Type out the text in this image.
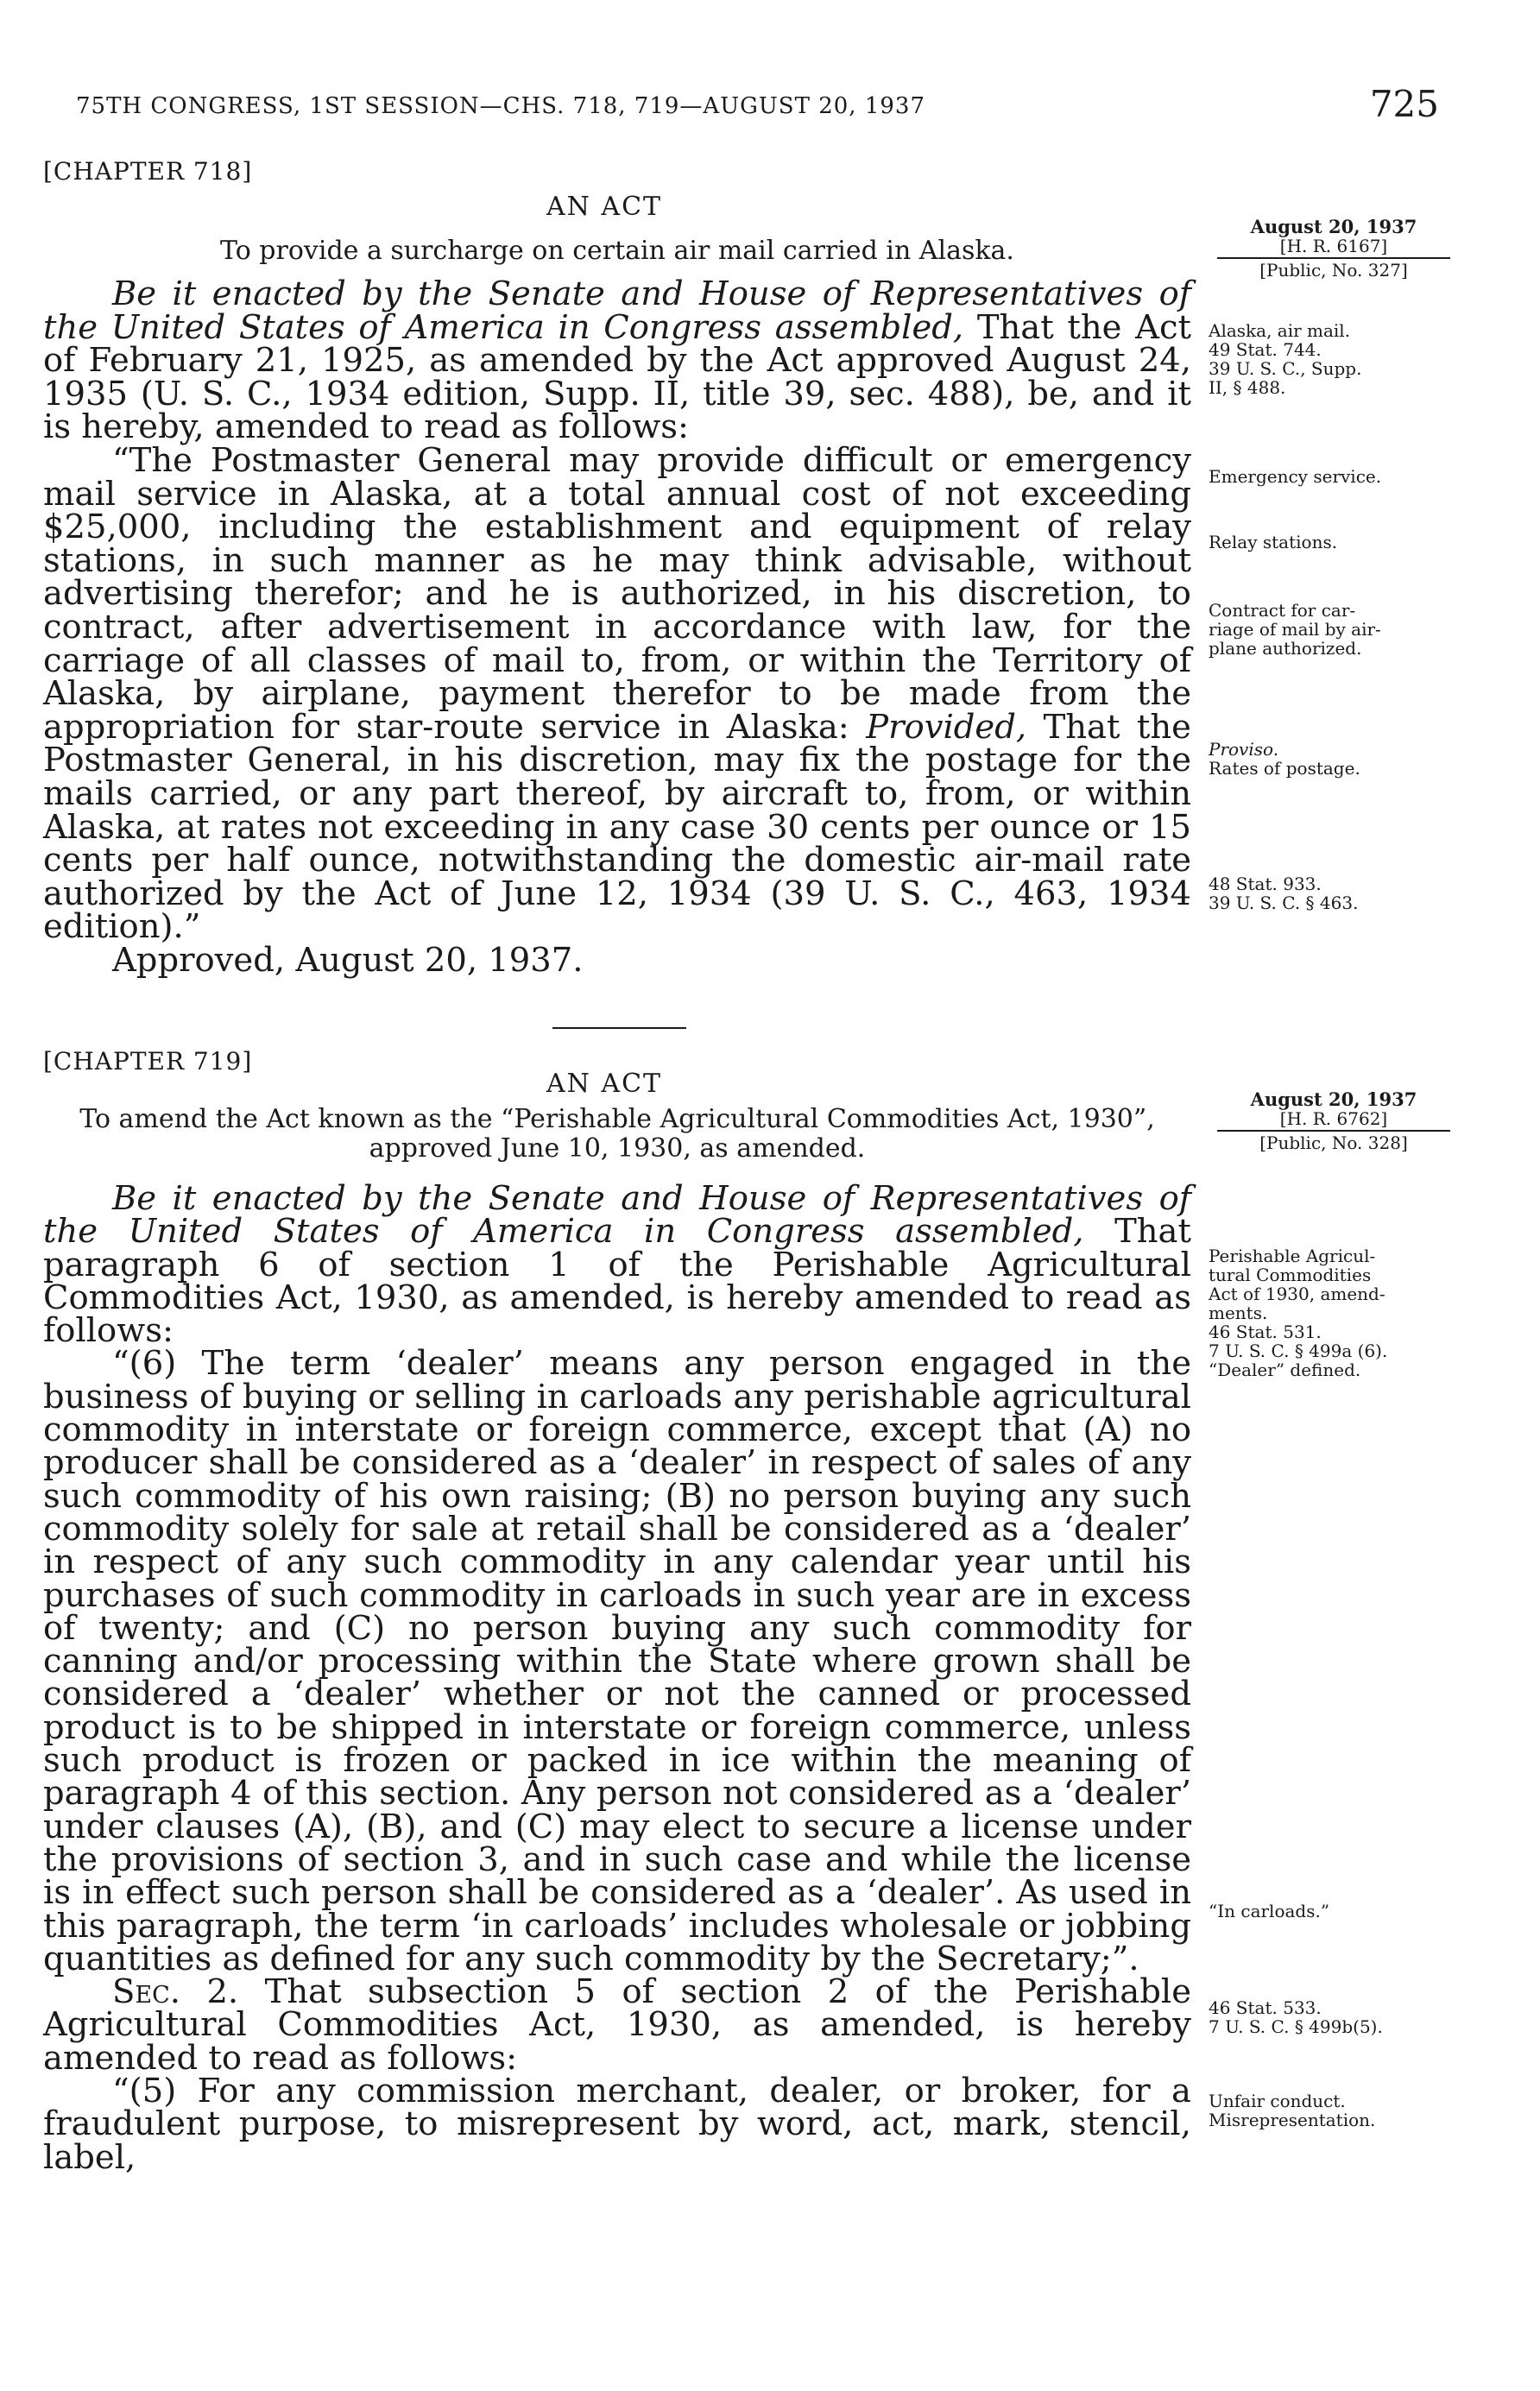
75TH CONGRESS, 1ST SESSION—CHS. 718, 719—AUGUST 20, 1937	725
[CHAPTER 718]
AN ACT
To provide a surcharge on certain air mail carried in Alaska.
August 20, 1937
[H. R. 6167]
[Public, No. 327]

Be it enacted by the Senate and House of Representatives of the United States of America in Congress assembled, That the Act of February 21, 1925, as amended by the Act approved August 24, 1935 (U. S. C., 1934 edition, Supp. II, title 39, sec. 488), be, and it is hereby, amended to read as follows:

“The Postmaster General may provide difficult or emergency mail service in Alaska, at a total annual cost of not exceeding $25,000, including the establishment and equipment of relay stations, in such manner as he may think advisable, without advertising therefor; and he is authorized, in his discretion, to contract, after advertisement in accordance with law, for the carriage of all classes of mail to, from, or within the Territory of Alaska, by airplane, payment therefor to be made from the appropriation for star-route service in Alaska: Provided, That the Postmaster General, in his discretion, may fix the postage for the mails carried, or any part thereof, by aircraft to, from, or within Alaska, at rates not exceeding in any case 30 cents per ounce or 15 cents per half ounce, notwithstanding the domestic air-mail rate authorized by the Act of June 12, 1934 (39 U. S. C., 463, 1934 edition).”

Approved, August 20, 1937.

Alaska, air mail.
49 Stat. 744.
39 U. S. C., Supp.
II, § 488.
Emergency service.
Relay stations.
Contract for car-
riage of mail by air-
plane authorized.
Proviso.
Rates of postage.
48 Stat. 933.
39 U. S. C. § 463.
[CHAPTER 719]
AN ACT
To amend the Act known as the “Perishable Agricultural Commodities Act, 1930”,
approved June 10, 1930, as amended.
August 20, 1937
[H. R. 6762]
[Public, No. 328]

Be it enacted by the Senate and House of Representatives of the United States of America in Congress assembled, That paragraph 6 of section 1 of the Perishable Agricultural Commodities Act, 1930, as amended, is hereby amended to read as follows:

“(6) The term ‘dealer’ means any person engaged in the business of buying or selling in carloads any perishable agricultural commodity in interstate or foreign commerce, except that (A) no producer shall be considered as a ‘dealer’ in respect of sales of any such commodity of his own raising; (B) no person buying any such commodity solely for sale at retail shall be considered as a ‘dealer’ in respect of any such commodity in any calendar year until his purchases of such commodity in carloads in such year are in excess of twenty; and (C) no person buying any such commodity for canning and/or processing within the State where grown shall be considered a ‘dealer’ whether or not the canned or processed product is to be shipped in interstate or foreign commerce, unless such product is frozen or packed in ice within the meaning of paragraph 4 of this section. Any person not considered as a ‘dealer’ under clauses (A), (B), and (C) may elect to secure a license under the provisions of section 3, and in such case and while the license is in effect such person shall be considered as a ‘dealer’. As used in this paragraph, the term ‘in carloads’ includes wholesale or jobbing quantities as defined for any such commodity by the Secretary;”.

Sec. 2. That subsection 5 of section 2 of the Perishable Agricultural Commodities Act, 1930, as amended, is hereby amended to read as follows:

“(5) For any commission merchant, dealer, or broker, for a fraudulent purpose, to misrepresent by word, act, mark, stencil, label,

Perishable Agricul-
tural Commodities
Act of 1930, amend-
ments.
46 Stat. 531.
7 U. S. C. § 499a (6).
“Dealer” defined.
“In carloads.”
46 Stat. 533.
7 U. S. C. § 499b(5).
Unfair conduct.
Misrepresentation.
